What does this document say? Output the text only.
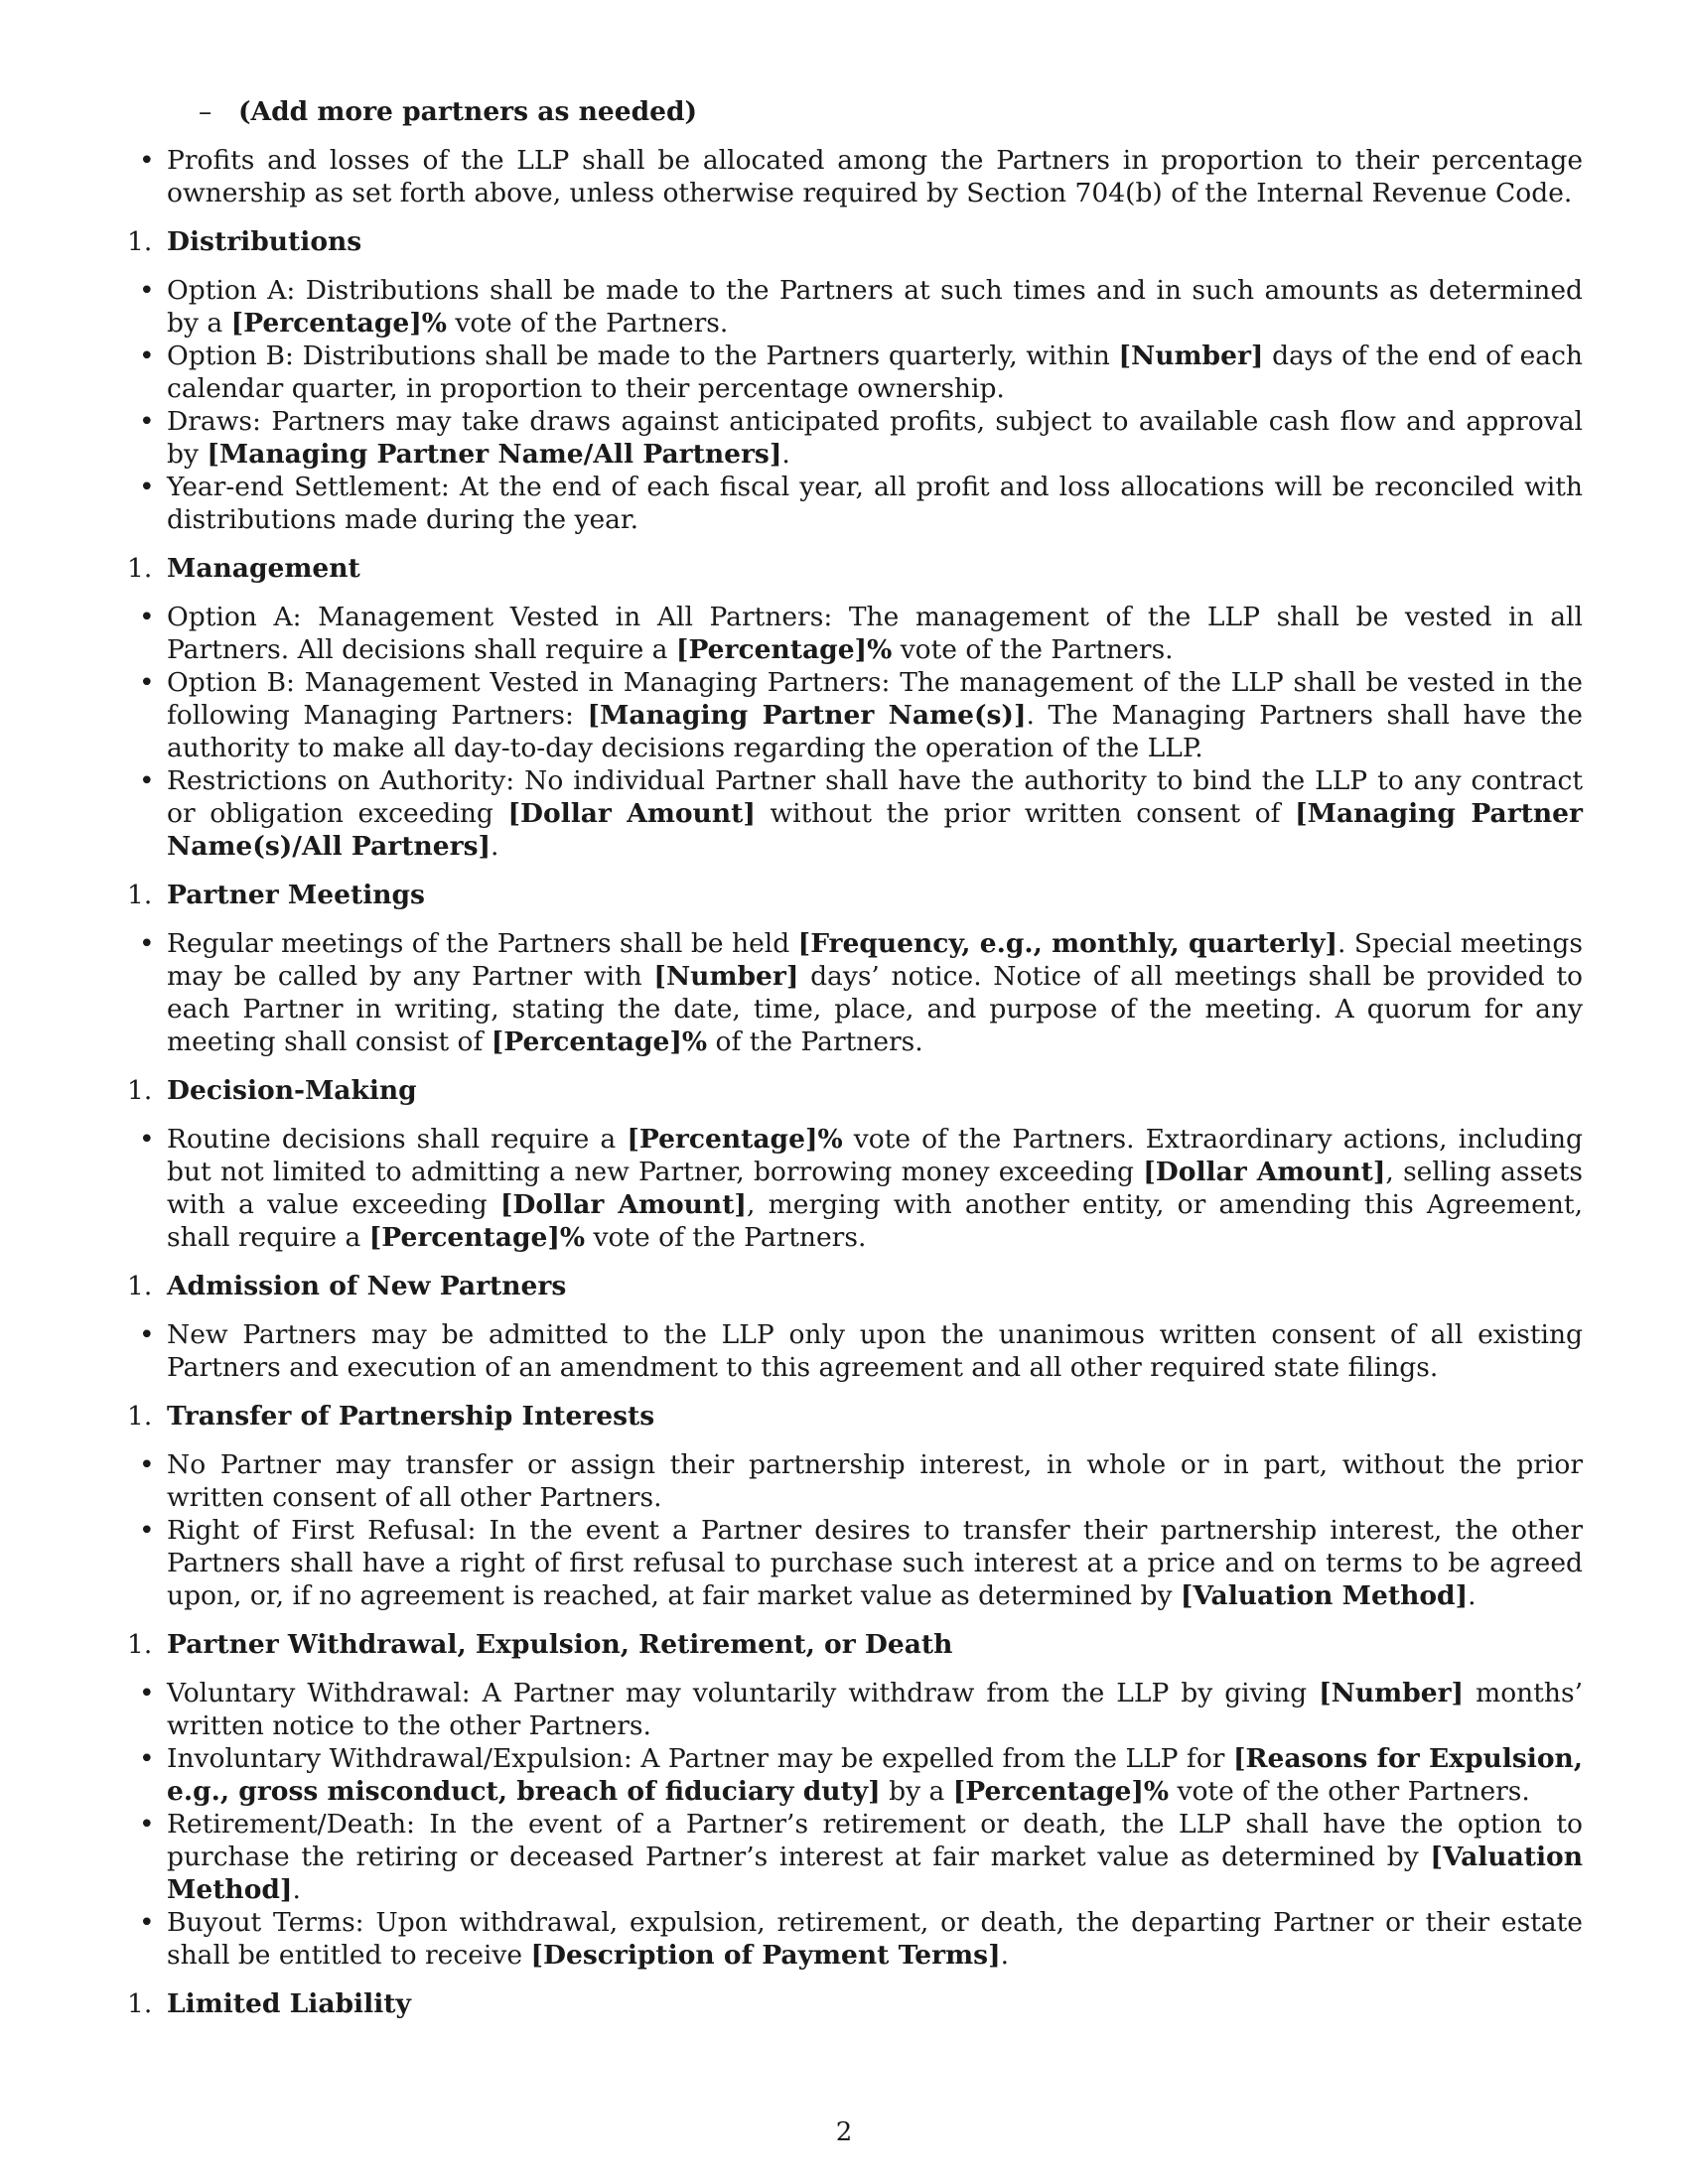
–	(Add more partners as needed)
• Profits and losses of the LLP shall be allocated among the Partners in proportion to their percentage ownership as set forth above, unless otherwise required by Section 704(b) of the Internal Revenue Code.
1. Distributions
• Option A: Distributions shall be made to the Partners at such times and in such amounts as determined by a [Percentage]% vote of the Partners.
• Option B: Distributions shall be made to the Partners quarterly, within [Number] days of the end of each calendar quarter, in proportion to their percentage ownership.
• Draws: Partners may take draws against anticipated profits, subject to available cash flow and approval by [Managing Partner Name/All Partners].
• Year-end Settlement: At the end of each fiscal year, all profit and loss allocations will be reconciled with distributions made during the year.
1. Management
• Option A: Management Vested in All Partners: The management of the LLP shall be vested in all Partners. All decisions shall require a [Percentage]% vote of the Partners.
• Option B: Management Vested in Managing Partners: The management of the LLP shall be vested in the following Managing Partners: [Managing Partner Name(s)]. The Managing Partners shall have the authority to make all day-to-day decisions regarding the operation of the LLP.
• Restrictions on Authority: No individual Partner shall have the authority to bind the LLP to any contract or obligation exceeding [Dollar Amount] without the prior written consent of [Managing Partner Name(s)/All Partners].
1. Partner Meetings
• Regular meetings of the Partners shall be held [Frequency, e.g., monthly, quarterly]. Special meetings may be called by any Partner with [Number] days’ notice. Notice of all meetings shall be provided to each Partner in writing, stating the date, time, place, and purpose of the meeting. A quorum for any meeting shall consist of [Percentage]% of the Partners.
1. Decision-Making
• Routine decisions shall require a [Percentage]% vote of the Partners. Extraordinary actions, including but not limited to admitting a new Partner, borrowing money exceeding [Dollar Amount], selling assets with a value exceeding [Dollar Amount], merging with another entity, or amending this Agreement, shall require a [Percentage]% vote of the Partners.
1. Admission of New Partners
• New Partners may be admitted to the LLP only upon the unanimous written consent of all existing Partners and execution of an amendment to this agreement and all other required state filings.
1. Transfer of Partnership Interests
• No Partner may transfer or assign their partnership interest, in whole or in part, without the prior written consent of all other Partners.
• Right of First Refusal: In the event a Partner desires to transfer their partnership interest, the other Partners shall have a right of first refusal to purchase such interest at a price and on terms to be agreed upon, or, if no agreement is reached, at fair market value as determined by [Valuation Method].
1. Partner Withdrawal, Expulsion, Retirement, or Death
• Voluntary Withdrawal: A Partner may voluntarily withdraw from the LLP by giving [Number] months’ written notice to the other Partners.
• Involuntary Withdrawal/Expulsion: A Partner may be expelled from the LLP for [Reasons for Expulsion, e.g., gross misconduct, breach of fiduciary duty] by a [Percentage]% vote of the other Partners.
• Retirement/Death: In the event of a Partner’s retirement or death, the LLP shall have the option to purchase the retiring or deceased Partner’s interest at fair market value as determined by [Valuation Method].
• Buyout Terms: Upon withdrawal, expulsion, retirement, or death, the departing Partner or their estate shall be entitled to receive [Description of Payment Terms].
1. Limited Liability
2
